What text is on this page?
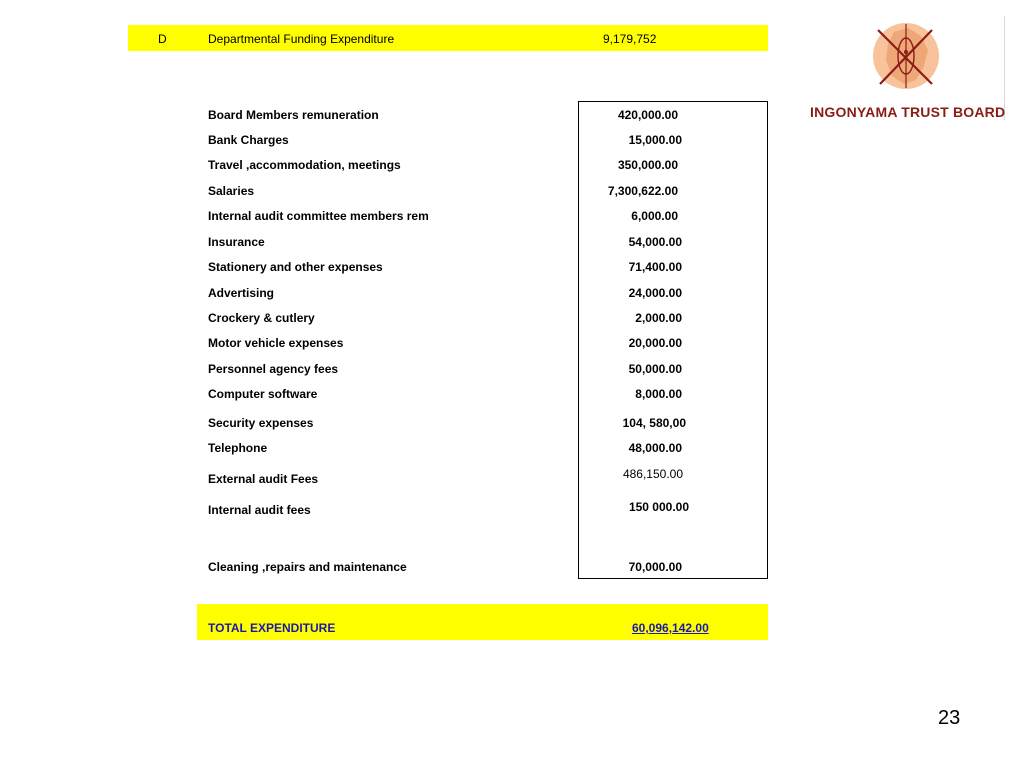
D	Departmental Funding Expenditure	9,179,752
Board Members remuneration	420,000.00
Bank Charges	15,000.00
Travel ,accommodation, meetings	350,000.00
Salaries	7,300,622.00
Internal audit committee members rem	6,000.00
Insurance	54,000.00
Stationery and other expenses	71,400.00
Advertising	24,000.00
Crockery & cutlery	2,000.00
Motor vehicle expenses	20,000.00
Personnel agency fees	50,000.00
Computer software	8,000.00
Security expenses	104, 580,00
Telephone	48,000.00
External audit Fees	486,150.00
Internal audit fees	150 000.00
Cleaning ,repairs and maintenance	70,000.00
TOTAL EXPENDITURE	60,096,142.00
INGONYAMA TRUST BOARD
23
